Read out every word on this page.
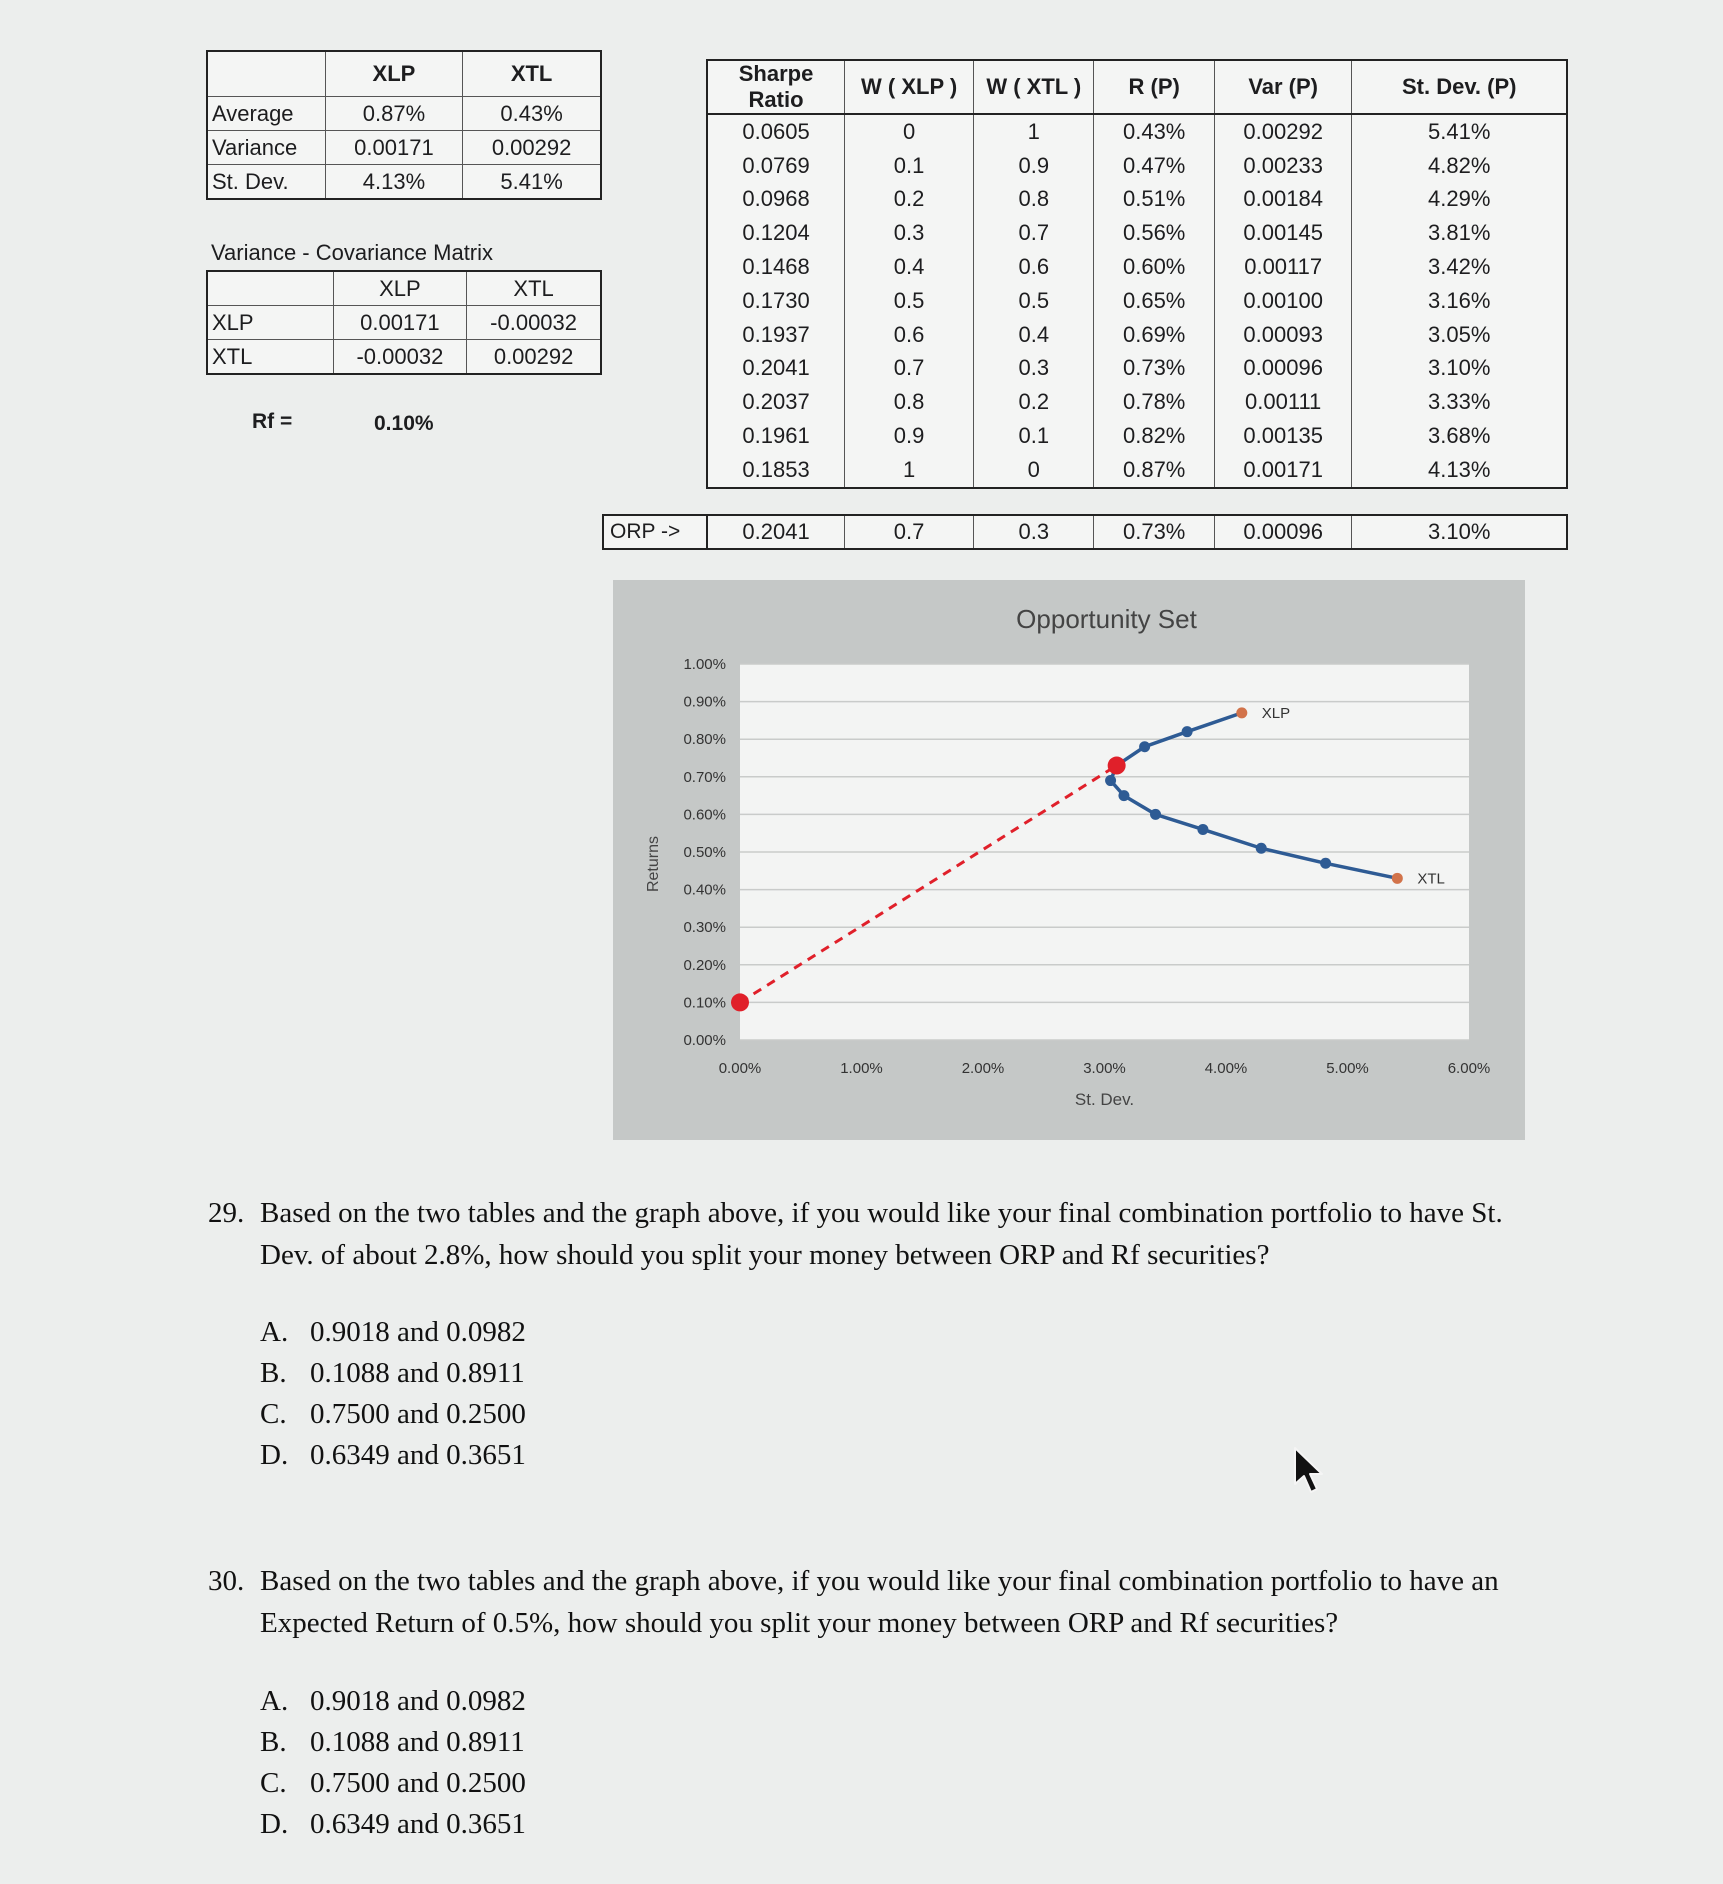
	XLP	XTL
Average	0.87%	0.43%
Variance	0.00171	0.00292
St. Dev.	4.13%	5.41%
Variance - Covariance Matrix
	XLP	XTL
XLP	0.00171	-0.00032
XTL	-0.00032	0.00292
Rf =	0.10%
Sharpe Ratio	W ( XLP )	W ( XTL )	R (P)	Var (P)	St. Dev. (P)
0.0605	0	1	0.43%	0.00292	5.41%
0.0769	0.1	0.9	0.47%	0.00233	4.82%
0.0968	0.2	0.8	0.51%	0.00184	4.29%
0.1204	0.3	0.7	0.56%	0.00145	3.81%
0.1468	0.4	0.6	0.60%	0.00117	3.42%
0.1730	0.5	0.5	0.65%	0.00100	3.16%
0.1937	0.6	0.4	0.69%	0.00093	3.05%
0.2041	0.7	0.3	0.73%	0.00096	3.10%
0.2037	0.8	0.2	0.78%	0.00111	3.33%
0.1961	0.9	0.1	0.82%	0.00135	3.68%
0.1853	1	0	0.87%	0.00171	4.13%
ORP ->	0.2041	0.7	0.3	0.73%	0.00096	3.10%
0.00%
0.10%
0.20%
0.30%
0.40%
0.50%
0.60%
0.70%
0.80%
0.90%
1.00%
0.00%	1.00%	2.00%	3.00%	4.00%	5.00%	6.00%
Opportunity Set
St. Dev.
Returns
XLP
XTL
29. Based on the two tables and the graph above, if you would like your final combination portfolio to have St. Dev. of about 2.8%, how should you split your money between ORP and Rf securities?
A. 0.9018 and 0.0982
B. 0.1088 and 0.8911
C. 0.7500 and 0.2500
D. 0.6349 and 0.3651
30. Based on the two tables and the graph above, if you would like your final combination portfolio to have an Expected Return of 0.5%, how should you split your money between ORP and Rf securities?
A. 0.9018 and 0.0982
B. 0.1088 and 0.8911
C. 0.7500 and 0.2500
D. 0.6349 and 0.3651
